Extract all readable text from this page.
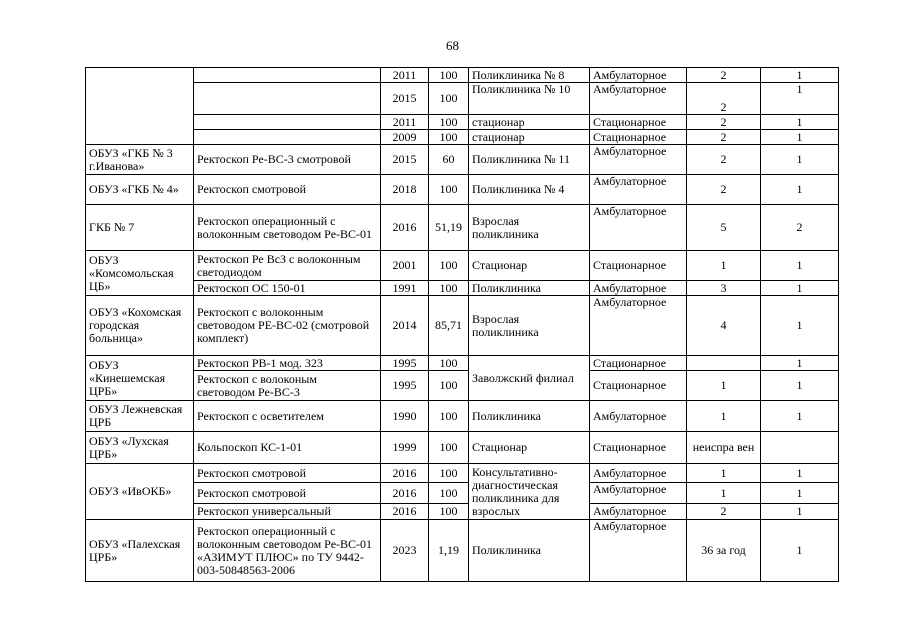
68
		2011	100	Поликлиника № 8	Амбулаторное	2	1
		2015	100	Поликлиника № 10	Амбулаторное	2	1
		2011	100	стационар	Стационарное	2	1
		2009	100	стационар	Стационарное	2	1
ОБУЗ «ГКБ № 3 г.Иванова»	Ректоскоп Ре-ВС-3 смотровой	2015	60	Поликлиника № 11	Амбулаторное	2	1
ОБУЗ «ГКБ № 4»	Ректоскоп смотровой	2018	100	Поликлиника № 4	Амбулаторное	2	1
ГКБ № 7	Ректоскоп операционный с волоконным световодом Ре-ВС-01	2016	51,19	Взрослая поликлиника	Амбулаторное	5	2
ОБУЗ «Комсомольская ЦБ»	Ректоскоп Ре ВсЗ с волоконным светодиодом	2001	100	Стационар	Стационарное	1	1
	Ректоскоп ОС 150-01	1991	100	Поликлиника	Амбулаторное	3	1
ОБУЗ «Кохомская городская больница»	Ректоскоп с волоконным световодом РЕ-ВС-02 (смотровой комплект)	2014	85,71	Взрослая поликлиника	Амбулаторное	4	1
ОБУЗ «Кинешемская ЦРБ»	Ректоскоп РВ-1 мод. 323	1995	100	Заволжский филиал	Стационарное		1
	Ректоскоп с волоконым световодом Ре-ВС-3	1995	100		Стационарное	1	1
ОБУЗ Лежневская ЦРБ	Ректоскоп с осветителем	1990	100	Поликлиника	Амбулаторное	1	1
ОБУЗ «Лухская ЦРБ»	Кольпоскоп КС-1-01	1999	100	Стационар	Стационарное	неиспра вен	
ОБУЗ «ИвОКБ»	Ректоскоп смотровой	2016	100	Консультативно-диагностическая поликлиника для взрослых	Амбулаторное	1	1
	Ректоскоп смотровой	2016	100		Амбулаторное	1	1
	Ректоскоп универсальный	2016	100		Амбулаторное	2	1
ОБУЗ «Палехская ЦРБ»	Ректоскоп операционный с волоконным световодом Ре-ВС-01 «АЗИМУТ ПЛЮС» по ТУ 9442-003-50848563-2006	2023	1,19	Поликлиника	Амбулаторное	36 за год	1
